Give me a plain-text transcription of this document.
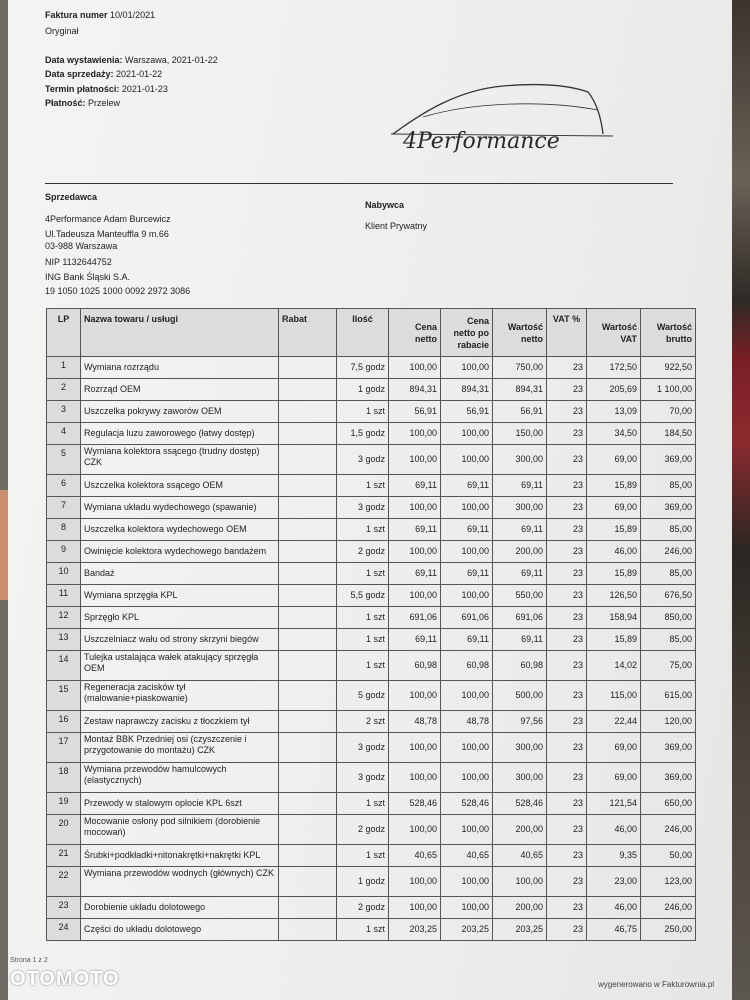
Faktura numer 10/01/2021
Oryginał
Data wystawienia: Warszawa, 2021-01-22
Data sprzedaży: 2021-01-22
Termin płatności: 2021-01-23
Płatność: Przelew
4Performance
Sprzedawca
4Performance Adam Burcewicz
Ul.Tadeusza Manteuffla 9 m.66
03-988 Warszawa
NIP 1132644752
ING Bank Śląski S.A.
19 1050 1025 1000 0092 2972 3086
Nabywca
Klient Prywatny
LP	Nazwa towaru / usługi	Rabat	Ilość	Cena netto	Cena netto po rabacie	Wartość netto	VAT %	Wartość VAT	Wartość brutto
1	Wymiana rozrządu		7,5 godz	100,00	100,00	750,00	23	172,50	922,50
2	Rozrząd OEM		1 godz	894,31	894,31	894,31	23	205,69	1 100,00
3	Uszczelka pokrywy zaworów OEM		1 szt	56,91	56,91	56,91	23	13,09	70,00
4	Regulacja luzu zaworowego (łatwy dostęp)		1,5 godz	100,00	100,00	150,00	23	34,50	184,50
5	Wymiana kolektora ssącego (trudny dostęp) CZK		3 godz	100,00	100,00	300,00	23	69,00	369,00
6	Uszczelka kolektora ssącego OEM		1 szt	69,11	69,11	69,11	23	15,89	85,00
7	Wymiana układu wydechowego (spawanie)		3 godz	100,00	100,00	300,00	23	69,00	369,00
8	Uszczelka kolektora wydechowego OEM		1 szt	69,11	69,11	69,11	23	15,89	85,00
9	Owinięcie kolektora wydechowego bandażem		2 godz	100,00	100,00	200,00	23	46,00	246,00
10	Bandaż		1 szt	69,11	69,11	69,11	23	15,89	85,00
11	Wymiana sprzęgła KPL		5,5 godz	100,00	100,00	550,00	23	126,50	676,50
12	Sprzęgło KPL		1 szt	691,06	691,06	691,06	23	158,94	850,00
13	Uszczelniacz wału od strony skrzyni biegów		1 szt	69,11	69,11	69,11	23	15,89	85,00
14	Tulejka ustalająca wałek atakujący sprzęgła OEM		1 szt	60,98	60,98	60,98	23	14,02	75,00
15	Regeneracja zacisków tył (malowanie+piaskowanie)		5 godz	100,00	100,00	500,00	23	115,00	615,00
16	Zestaw naprawczy zacisku z tłoczkiem tył		2 szt	48,78	48,78	97,56	23	22,44	120,00
17	Montaż BBK Przedniej osi (czyszczenie i przygotowanie do montażu) CZK		3 godz	100,00	100,00	300,00	23	69,00	369,00
18	Wymiana przewodów hamulcowych (elastycznych)		3 godz	100,00	100,00	300,00	23	69,00	369,00
19	Przewody w stalowym oplocie KPL 6szt		1 szt	528,46	528,46	528,46	23	121,54	650,00
20	Mocowanie osłony pod silnikiem (dorobienie mocowań)		2 godz	100,00	100,00	200,00	23	46,00	246,00
21	Śrubki+podkładki+nitonakrętki+nakrętki KPL		1 szt	40,65	40,65	40,65	23	9,35	50,00
22	Wymiana przewodów wodnych (głównych) CZK		1 godz	100,00	100,00	100,00	23	23,00	123,00
23	Dorobienie układu dolotowego		2 godz	100,00	100,00	200,00	23	46,00	246,00
24	Części do układu dolotowego		1 szt	203,25	203,25	203,25	23	46,75	250,00
Strona 1 z 2
wygenerowano w Fakturownia.pl
OTOMOTO
